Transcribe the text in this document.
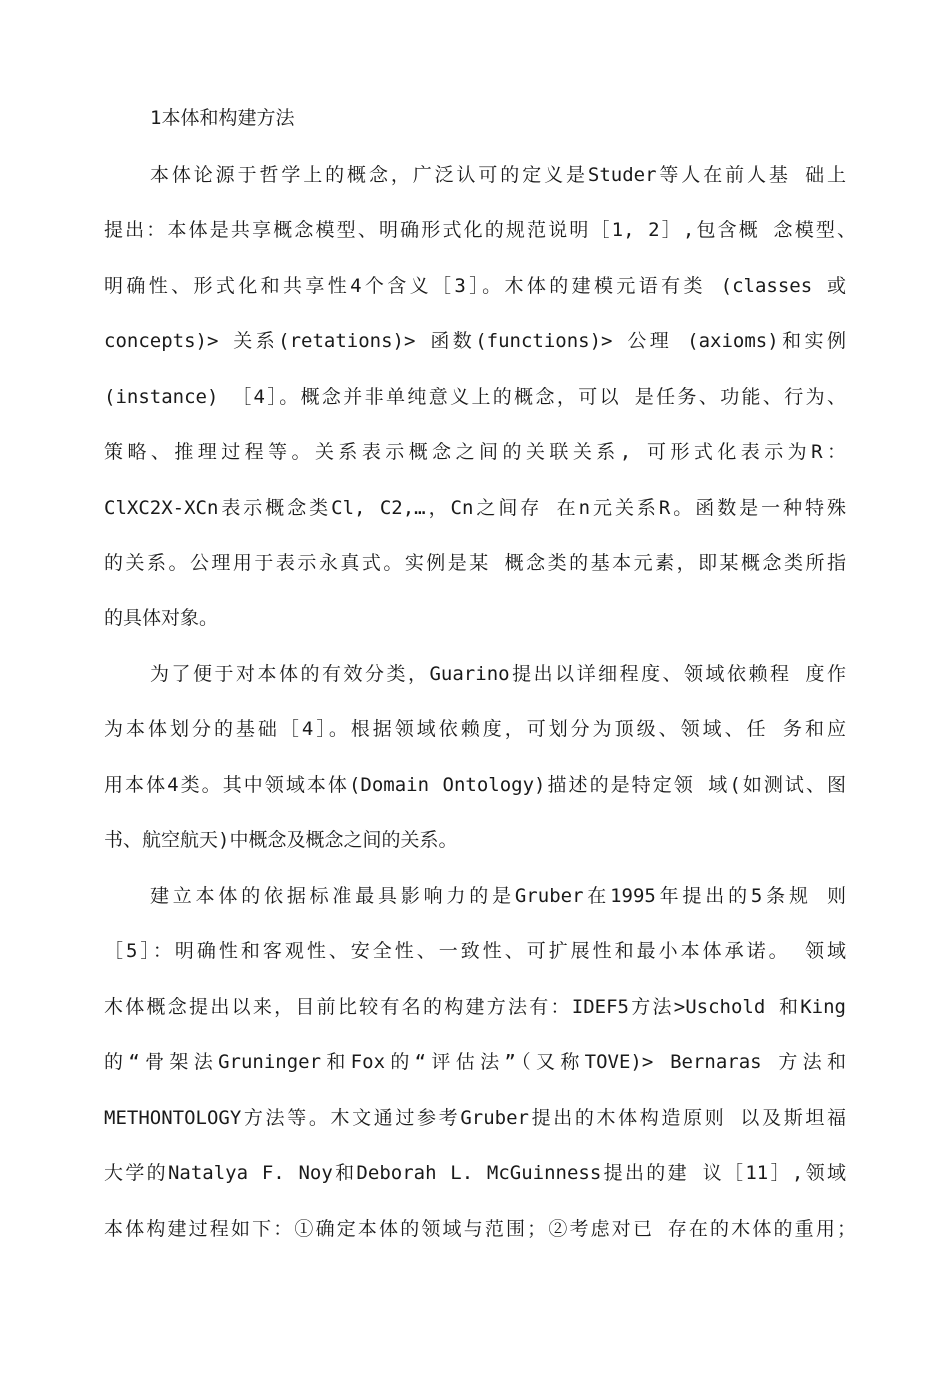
1本体和构建方法

本体论源于哲学上的概念，广泛认可的定义是Studer等人在前人基 础上

提出：本体是共享概念模型、明确形式化的规范说明［1, 2］,包含概 念模型、

明确性、形式化和共享性4个含义［3］。木体的建模元语有类 (classes 或

concepts)> 关系(retations)> 函数(functions)> 公理 (axioms)和实例

(instance) ［4］。概念并非单纯意义上的概念，可以 是任务、功能、行为、

策略、推理过程等。关系表示概念之间的关联关系, 可形式化表示为R：

ClXC2X-XCn表示概念类Cl, C2,…，Cn之间存 在n元关系R。函数是一种特殊

的关系。公理用于表示永真式。实例是某 概念类的基本元素，即某概念类所指

的具体对象。

为了便于对本体的有效分类，Guarino提出以详细程度、领域依赖程 度作

为本体划分的基础［4］。根据领域依赖度，可划分为顶级、领域、任 务和应

用本体4类。其中领域本体(Domain Ontology)描述的是特定领 域(如测试、图

书、航空航天)中概念及概念之间的关系。

建立本体的依据标准最具影响力的是Gruber在1995年提出的5条规 则

［5］：明确性和客观性、安全性、一致性、可扩展性和最小本体承诺。 领域

木体概念提出以来，目前比较有名的构建方法有：IDEF5方法>Uschold 和King

的“骨架法Gruninger和Fox的“评估法”（又称TOVE)> Bernaras 方法和

METHONTOLOGY方法等。木文通过参考Gruber提出的木体构造原则 以及斯坦福

大学的Natalya F. Noy和Deborah L. McGuinness提出的建 议［11］,领域

本体构建过程如下：①确定本体的领域与范围；②考虑对已 存在的木体的重用；
